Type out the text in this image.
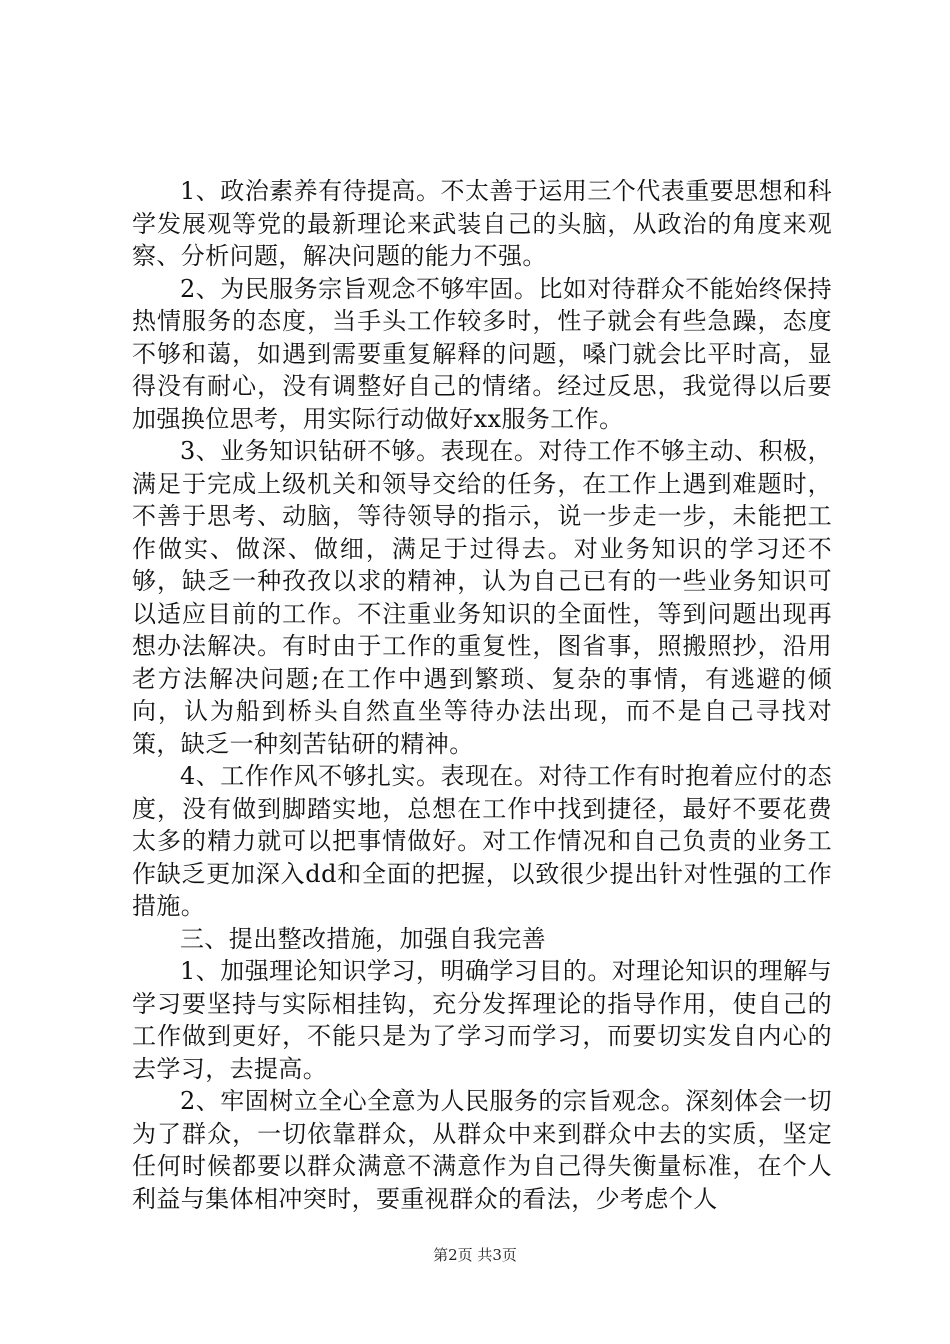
1、政治素养有待提高。不太善于运用三个代表重要思想和科学发展观等党的最新理论来武装自己的头脑，从政治的角度来观察、分析问题，解决问题的能力不强。

2、为民服务宗旨观念不够牢固。比如对待群众不能始终保持热情服务的态度，当手头工作较多时，性子就会有些急躁，态度不够和蔼，如遇到需要重复解释的问题，嗓门就会比平时高，显得没有耐心，没有调整好自己的情绪。经过反思，我觉得以后要加强换位思考，用实际行动做好xx服务工作。

3、业务知识钻研不够。表现在。对待工作不够主动、积极，满足于完成上级机关和领导交给的任务，在工作上遇到难题时，不善于思考、动脑，等待领导的指示，说一步走一步，未能把工作做实、做深、做细，满足于过得去。对业务知识的学习还不够，缺乏一种孜孜以求的精神，认为自己已有的一些业务知识可以适应目前的工作。不注重业务知识的全面性，等到问题出现再想办法解决。有时由于工作的重复性，图省事，照搬照抄，沿用老方法解决问题;在工作中遇到繁琐、复杂的事情，有逃避的倾向，认为船到桥头自然直坐等待办法出现，而不是自己寻找对策，缺乏一种刻苦钻研的精神。

4、工作作风不够扎实。表现在。对待工作有时抱着应付的态度，没有做到脚踏实地，总想在工作中找到捷径，最好不要花费太多的精力就可以把事情做好。对工作情况和自己负责的业务工作缺乏更加深入dd和全面的把握，以致很少提出针对性强的工作措施。

三、提出整改措施，加强自我完善

1、加强理论知识学习，明确学习目的。对理论知识的理解与学习要坚持与实际相挂钩，充分发挥理论的指导作用，使自己的工作做到更好，不能只是为了学习而学习，而要切实发自内心的去学习，去提高。

2、牢固树立全心全意为人民服务的宗旨观念。深刻体会一切为了群众，一切依靠群众，从群众中来到群众中去的实质，坚定任何时候都要以群众满意不满意作为自己得失衡量标准，在个人利益与集体相冲突时，要重视群众的看法，少考虑个人

第2页 共3页
